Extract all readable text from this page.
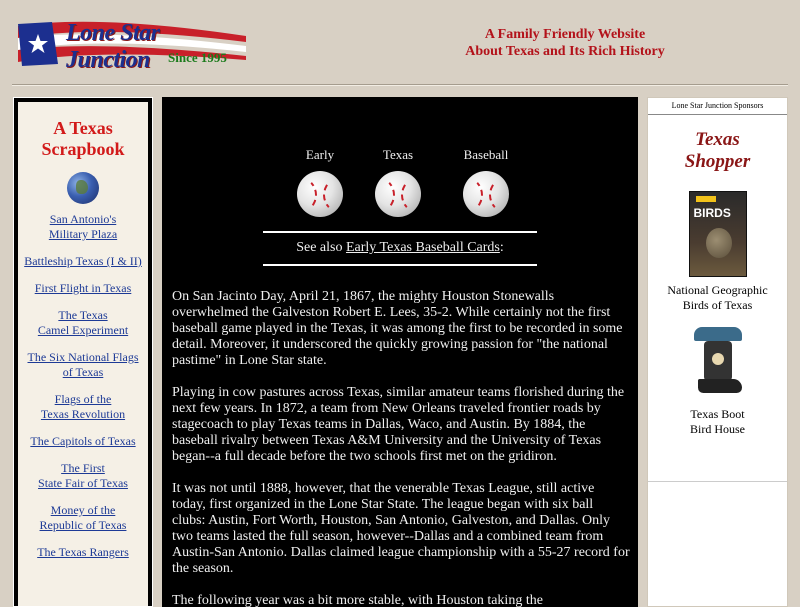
Lone Star Junction	Since 1995
A Family Friendly Website
About Texas and Its Rich History
A Texas
Scrapbook
San Antonio's
Military Plaza
Battleship Texas (I & II)
First Flight in Texas
The Texas
Camel Experiment
The Six National Flags
of Texas
Flags of the
Texas Revolution
The Capitols of Texas
The First
State Fair of Texas
Money of the
Republic of Texas
The Texas Rangers
Early	Texas	Baseball
See also Early Texas Baseball Cards:

On San Jacinto Day, April 21, 1867, the mighty Houston Stonewalls overwhelmed the Galveston Robert E. Lees, 35-2. While certainly not the first baseball game played in the Texas, it was among the first to be recorded in some detail. Moreover, it underscored the quickly growing passion for "the national pastime" in Lone Star state.

Playing in cow pastures across Texas, similar amateur teams florished during the next few years. In 1872, a team from New Orleans traveled frontier roads by stagecoach to play Texas teams in Dallas, Waco, and Austin. By 1884, the baseball rivalry between Texas A&M University and the University of Texas began--a full decade before the two schools first met on the gridiron.

It was not until 1888, however, that the venerable Texas League, still active today, first organized in the Lone Star State. The league began with six ball clubs: Austin, Fort Worth, Houston, San Antonio, Galveston, and Dallas. Only two teams lasted the full season, however--Dallas and a combined team from Austin-San Antonio. Dallas claimed league championship with a 55-27 record for the season.

The following year was a bit more stable, with Houston taking the

Lone Star Junction Sponsors
Texas
Shopper
BIRDS
National Geographic
Birds of Texas
Texas Boot
Bird House
